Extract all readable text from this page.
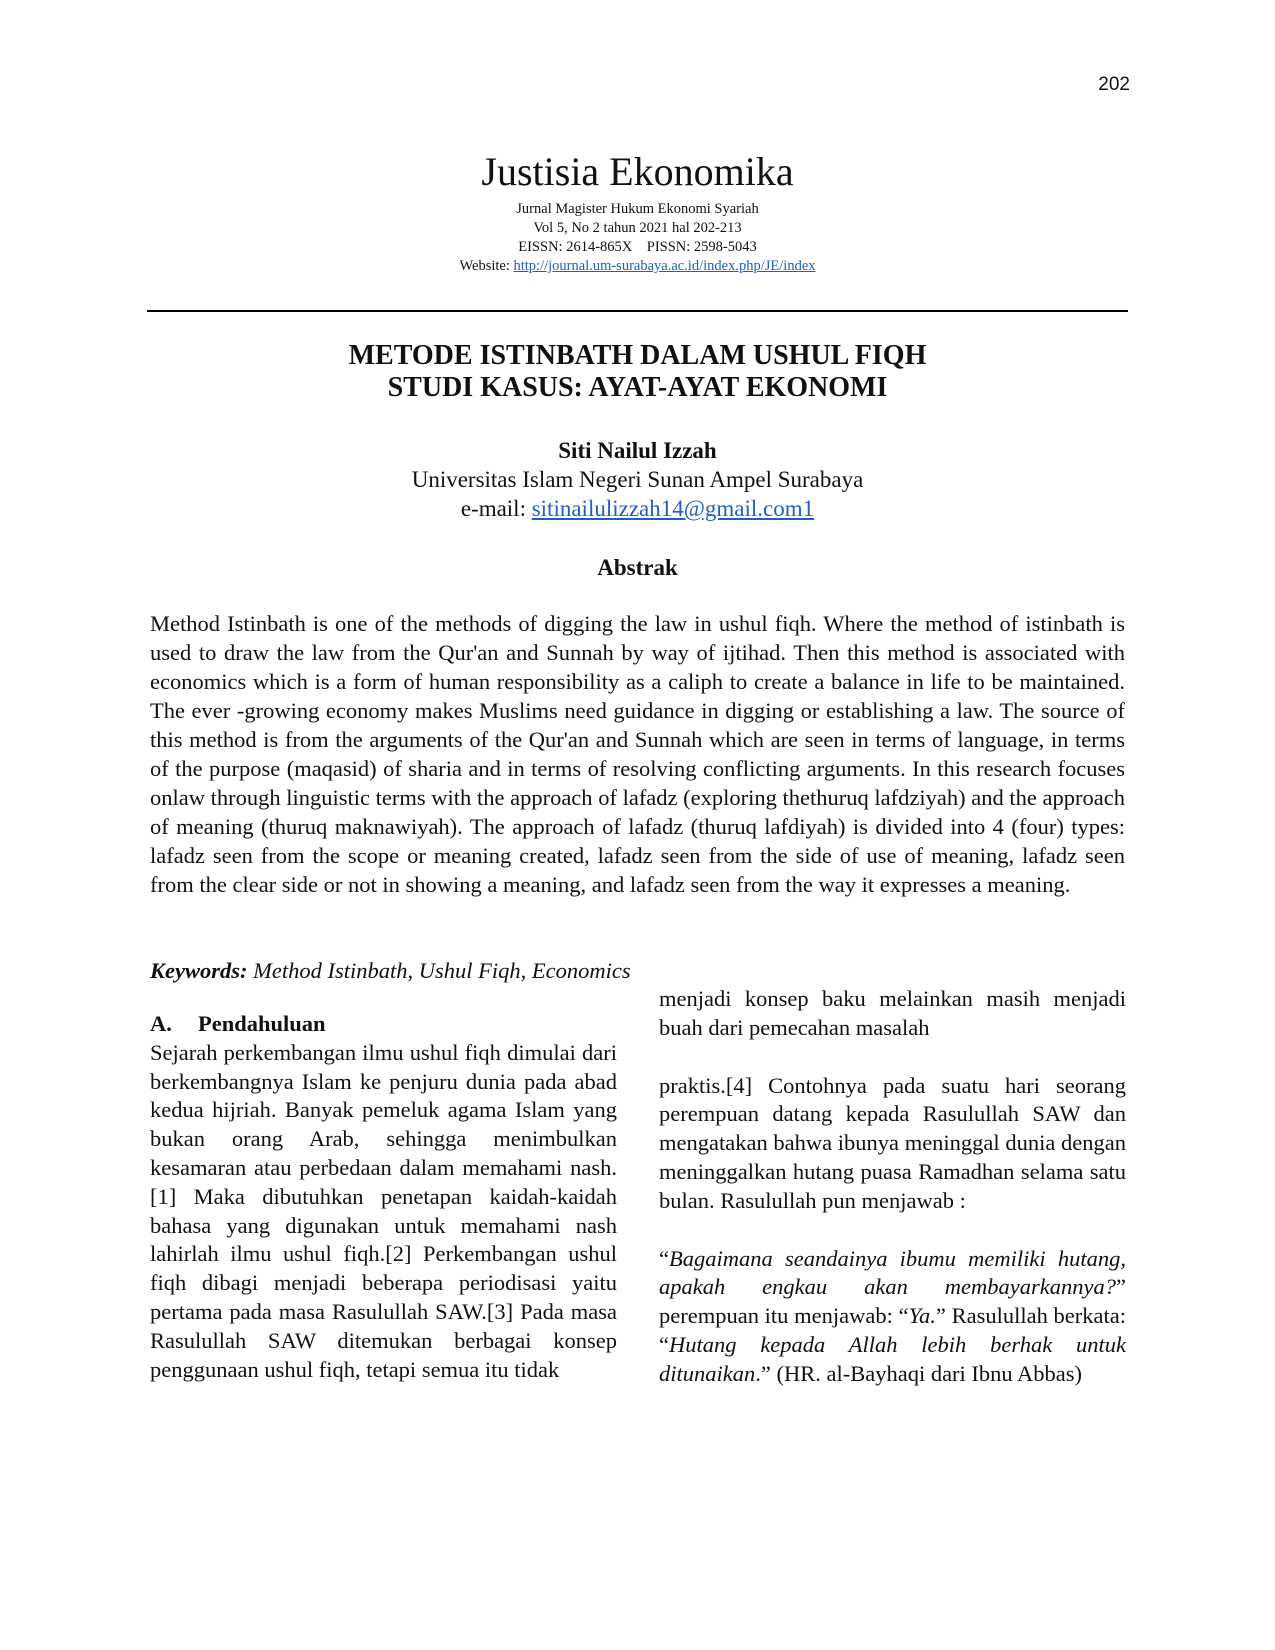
202
Justisia Ekonomika
Jurnal Magister Hukum Ekonomi Syariah
Vol 5, No 2 tahun 2021 hal 202-213
EISSN: 2614-865X PISSN: 2598-5043
Website: http://journal.um-surabaya.ac.id/index.php/JE/index
METODE ISTINBATH DALAM USHUL FIQH
STUDI KASUS: AYAT-AYAT EKONOMI
Siti Nailul Izzah
Universitas Islam Negeri Sunan Ampel Surabaya
e-mail: sitinailulizzah14@gmail.com1
Abstrak

Method Istinbath is one of the methods of digging the law in ushul fiqh. Where the method of istinbath is used to draw the law from the Qur'an and Sunnah by way of ijtihad. Then this method is associated with economics which is a form of human responsibility as a caliph to create a balance in life to be maintained. The ever -growing economy makes Muslims need guidance in digging or establishing a law. The source of this method is from the arguments of the Qur'an and Sunnah which are seen in terms of language, in terms of the purpose (maqasid) of sharia and in terms of resolving conflicting arguments. In this research focuses onlaw through linguistic terms with the approach of lafadz (exploring thethuruq lafdziyah) and the approach of meaning (thuruq maknawiyah). The approach of lafadz (thuruq lafdiyah) is divided into 4 (four) types: lafadz seen from the scope or meaning created, lafadz seen from the side of use of meaning, lafadz seen from the clear side or not in showing a meaning, and lafadz seen from the way it expresses a meaning.

Keywords: Method Istinbath, Ushul Fiqh, Economics

A. Pendahuluan

Sejarah perkembangan ilmu ushul fiqh dimulai dari berkembangnya Islam ke penjuru dunia pada abad kedua hijriah. Banyak pemeluk agama Islam yang bukan orang Arab, sehingga menimbulkan kesamaran atau perbedaan dalam memahami nash.[1] Maka dibutuhkan penetapan kaidah-kaidah bahasa yang digunakan untuk memahami nash lahirlah ilmu ushul fiqh.[2] Perkembangan ushul fiqh dibagi menjadi beberapa periodisasi yaitu pertama pada masa Rasulullah SAW.[3] Pada masa Rasulullah SAW ditemukan berbagai konsep penggunaan ushul fiqh, tetapi semua itu tidak

menjadi konsep baku melainkan masih menjadi buah dari pemecahan masalah

praktis.[4] Contohnya pada suatu hari seorang perempuan datang kepada Rasulullah SAW dan mengatakan bahwa ibunya meninggal dunia dengan meninggalkan hutang puasa Ramadhan selama satu bulan. Rasulullah pun menjawab :

“Bagaimana seandainya ibumu memiliki hutang, apakah engkau akan membayarkannya?” perempuan itu menjawab: “Ya.” Rasulullah berkata: “Hutang kepada Allah lebih berhak untuk ditunaikan.” (HR. al-Bayhaqi dari Ibnu Abbas)
